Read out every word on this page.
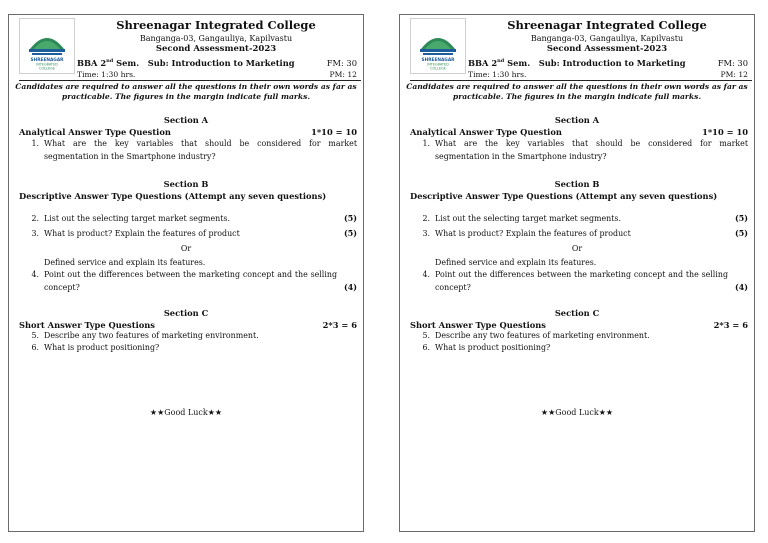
SHREENAGAR
INTEGRATED
COLLEGE
Shreenagar Integrated College
Banganga-03, Gangauliya, Kapilvastu
Second Assessment-2023
BBA 2nd Sem.   Sub: Introduction to Marketing	FM: 30
Time: 1:30 hrs.	PM: 12
Candidates are required to answer all the questions in their own words as far as practicable. The figures in the margin indicate full marks.
Section A
Analytical Answer Type Question	1*10 = 10
1. What are the key variables that should be considered for market segmentation in the Smartphone industry?
Section B
Descriptive Answer Type Questions (Attempt any seven questions)
2. List out the selecting target market segments.	(5)
3. What is product? Explain the features of product	(5)
Or
Defined service and explain its features.
4. Point out the differences between the marketing concept and the selling concept?	(4)
Section C
Short Answer Type Questions	2*3 = 6
5. Describe any two features of marketing environment.
6. What is product positioning?
★★Good Luck★★
SHREENAGAR
INTEGRATED
COLLEGE
Shreenagar Integrated College
Banganga-03, Gangauliya, Kapilvastu
Second Assessment-2023
BBA 2nd Sem.   Sub: Introduction to Marketing	FM: 30
Time: 1:30 hrs.	PM: 12
Candidates are required to answer all the questions in their own words as far as practicable. The figures in the margin indicate full marks.
Section A
Analytical Answer Type Question	1*10 = 10
1. What are the key variables that should be considered for market segmentation in the Smartphone industry?
Section B
Descriptive Answer Type Questions (Attempt any seven questions)
2. List out the selecting target market segments.	(5)
3. What is product? Explain the features of product	(5)
Or
Defined service and explain its features.
4. Point out the differences between the marketing concept and the selling concept?	(4)
Section C
Short Answer Type Questions	2*3 = 6
5. Describe any two features of marketing environment.
6. What is product positioning?
★★Good Luck★★
